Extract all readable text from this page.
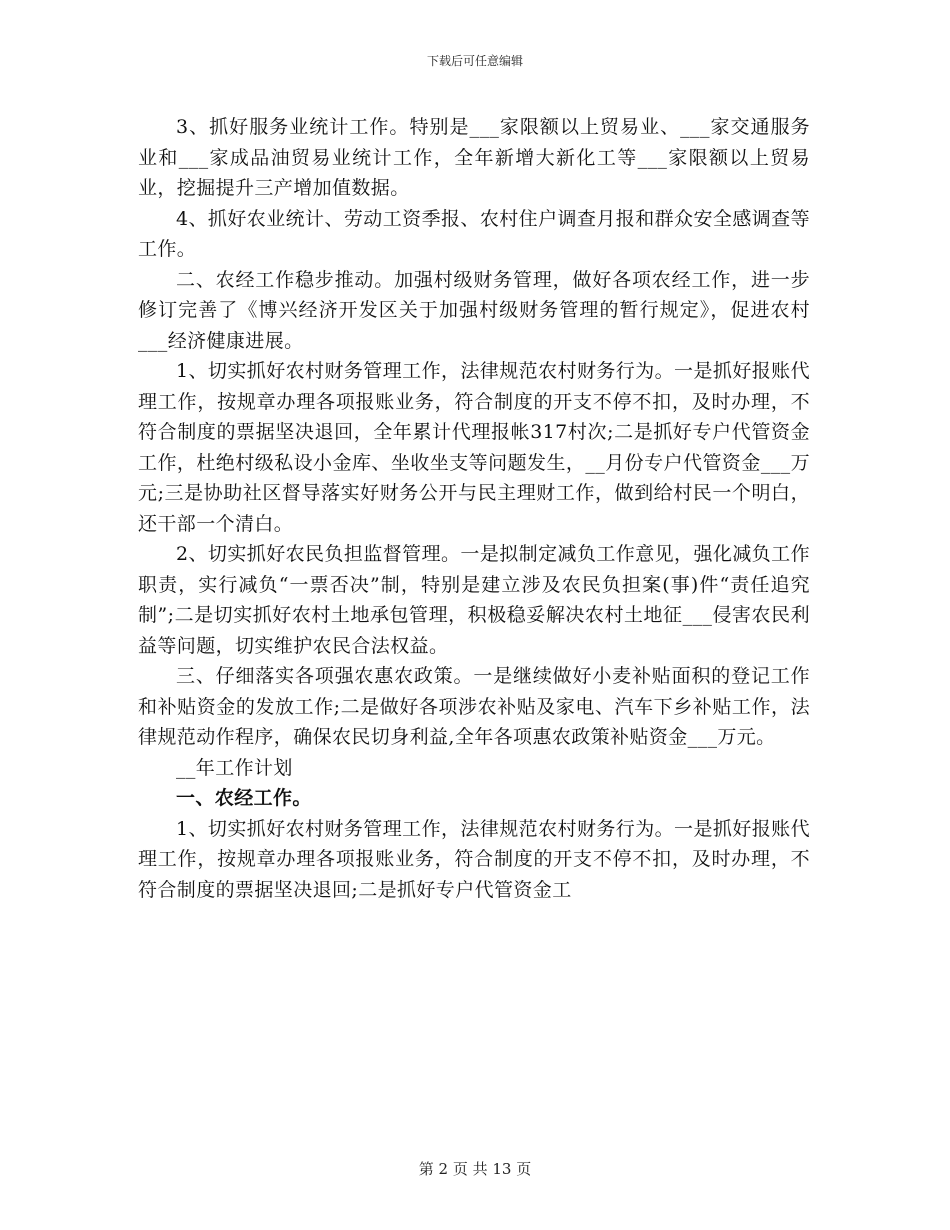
下载后可任意编辑

3、抓好服务业统计工作。特别是___家限额以上贸易业、___家交通服务业和___家成品油贸易业统计工作，全年新增大新化工等___家限额以上贸易业，挖掘提升三产增加值数据。

4、抓好农业统计、劳动工资季报、农村住户调查月报和群众安全感调查等工作。

二、农经工作稳步推动。加强村级财务管理，做好各项农经工作，进一步修订完善了《博兴经济开发区关于加强村级财务管理的暂行规定》，促进农村___经济健康进展。

1、切实抓好农村财务管理工作，法律规范农村财务行为。一是抓好报账代理工作，按规章办理各项报账业务，符合制度的开支不停不扣，及时办理，不符合制度的票据坚决退回，全年累计代理报帐317村次;二是抓好专户代管资金工作，杜绝村级私设小金库、坐收坐支等问题发生，__月份专户代管资金___万元;三是协助社区督导落实好财务公开与民主理财工作，做到给村民一个明白，还干部一个清白。

2、切实抓好农民负担监督管理。一是拟制定减负工作意见，强化减负工作职责，实行减负“一票否决”制，特别是建立涉及农民负担案(事)件“责任追究制”;二是切实抓好农村土地承包管理，积极稳妥解决农村土地征___侵害农民利益等问题，切实维护农民合法权益。

三、仔细落实各项强农惠农政策。一是继续做好小麦补贴面积的登记工作和补贴资金的发放工作;二是做好各项涉农补贴及家电、汽车下乡补贴工作，法律规范动作程序，确保农民切身利益,全年各项惠农政策补贴资金___万元。

__年工作计划

一、农经工作。

1、切实抓好农村财务管理工作，法律规范农村财务行为。一是抓好报账代理工作，按规章办理各项报账业务，符合制度的开支不停不扣，及时办理，不符合制度的票据坚决退回;二是抓好专户代管资金工

第 2 页 共 13 页
